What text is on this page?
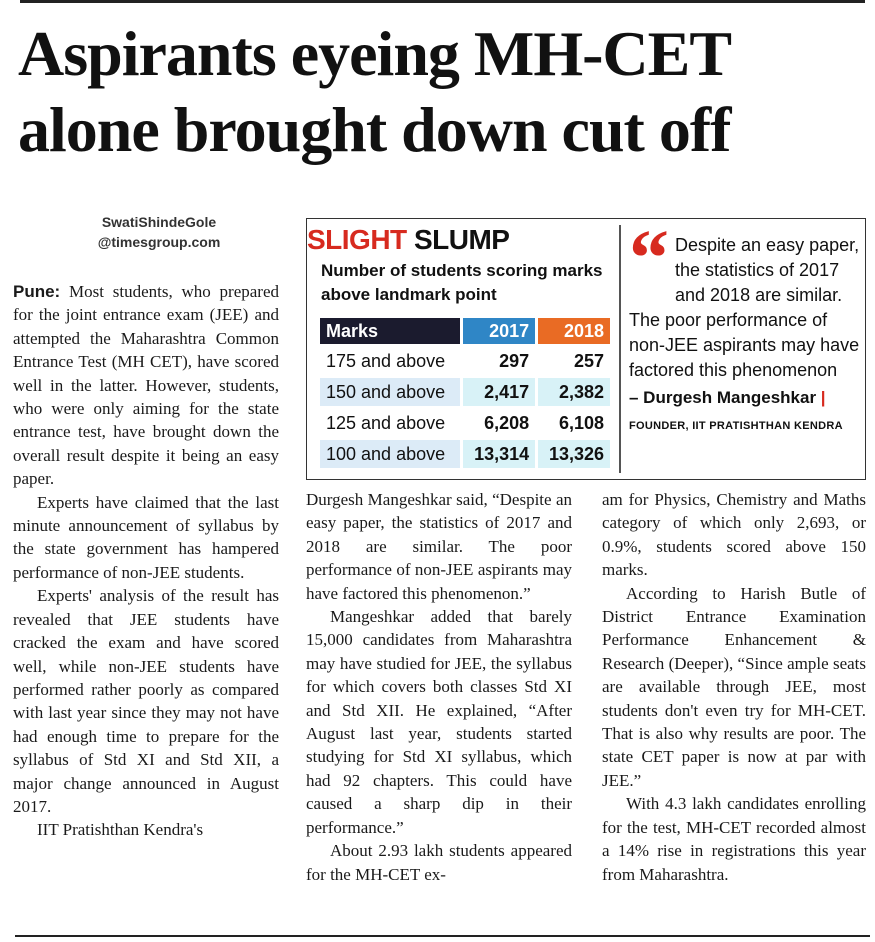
Aspirants eyeing MH-CET alone brought down cut off
SwatiShindeGole
@timesgroup.com

Pune: Most students, who prepared for the joint entrance exam (JEE) and attempted the Maharashtra Common Entrance Test (MH CET), have scored well in the latter. However, students, who were only aiming for the state entrance test, have brought down the overall result despite it being an easy paper.

Experts have claimed that the last minute announcement of syllabus by the state government has hampered performance of non-JEE students.

Experts' analysis of the result has revealed that JEE students have cracked the exam and have scored well, while non-JEE students have performed rather poorly as compared with last year since they may not have had enough time to prepare for the syllabus of Std XI and Std XII, a major change announced in August 2017.

IIT Pratishthan Kendra's

SLIGHT SLUMP
Number of students scoring marks above landmark point
Marks	2017	2018
175 and above	297	257
150 and above	2,417	2,382
125 and above	6,208	6,108
100 and above	13,314	13,326
“ Despite an easy paper, the statistics of 2017 and 2018 are similar. The poor performance of non-JEE aspirants may have factored this phenomenon
– Durgesh Mangeshkar |
FOUNDER, IIT PRATISHTHAN KENDRA

Durgesh Mangeshkar said, “Despite an easy paper, the statistics of 2017 and 2018 are similar. The poor performance of non-JEE aspirants may have factored this phenomenon.”

Mangeshkar added that barely 15,000 candidates from Maharashtra may have studied for JEE, the syllabus for which covers both classes Std XI and Std XII. He explained, “After August last year, students started studying for Std XI syllabus, which had 92 chapters. This could have caused a sharp dip in their performance.”

About 2.93 lakh students appeared for the MH-CET ex-

am for Physics, Chemistry and Maths category of which only 2,693, or 0.9%, students scored above 150 marks.

According to Harish Butle of District Entrance Examination Performance Enhancement & Research (Deeper), “Since ample seats are available through JEE, most students don't even try for MH-CET. That is also why results are poor. The state CET paper is now at par with JEE.”

With 4.3 lakh candidates enrolling for the test, MH-CET recorded almost a 14% rise in registrations this year from Maharashtra.
